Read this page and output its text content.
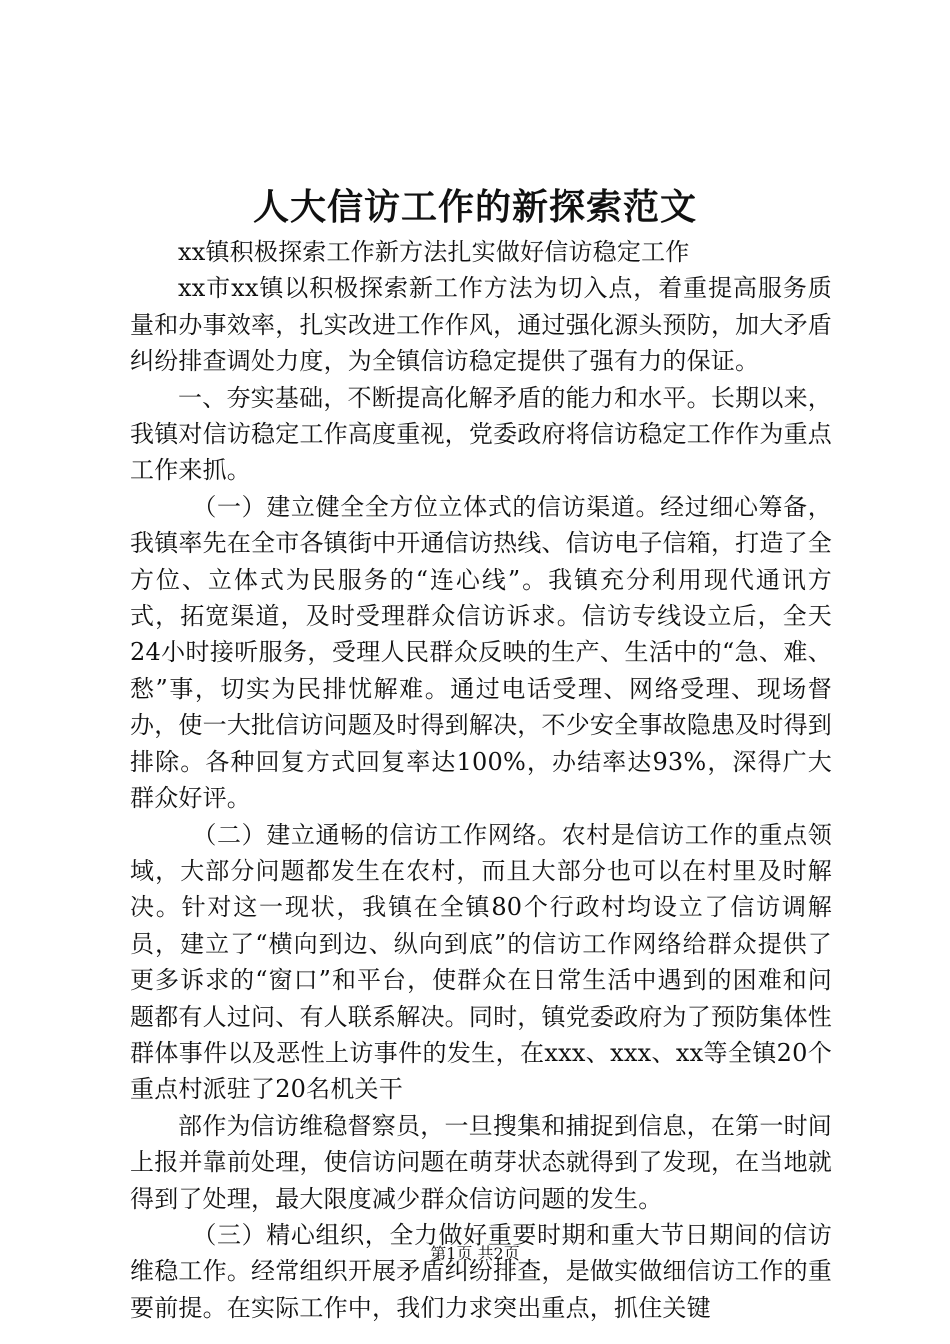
人大信访工作的新探索范文

xx镇积极探索工作新方法扎实做好信访稳定工作

xx市xx镇以积极探索新工作方法为切入点，着重提高服务质量和办事效率，扎实改进工作作风，通过强化源头预防，加大矛盾纠纷排查调处力度，为全镇信访稳定提供了强有力的保证。

一、夯实基础，不断提高化解矛盾的能力和水平。长期以来，我镇对信访稳定工作高度重视，党委政府将信访稳定工作作为重点工作来抓。

（一）建立健全全方位立体式的信访渠道。经过细心筹备，我镇率先在全市各镇街中开通信访热线、信访电子信箱，打造了全方位、立体式为民服务的“连心线”。我镇充分利用现代通讯方式，拓宽渠道，及时受理群众信访诉求。信访专线设立后，全天24小时接听服务，受理人民群众反映的生产、生活中的“急、难、愁”事，切实为民排忧解难。通过电话受理、网络受理、现场督办，使一大批信访问题及时得到解决，不少安全事故隐患及时得到排除。各种回复方式回复率达100%，办结率达93%，深得广大群众好评。

（二）建立通畅的信访工作网络。农村是信访工作的重点领域，大部分问题都发生在农村，而且大部分也可以在村里及时解决。针对这一现状，我镇在全镇80个行政村均设立了信访调解员，建立了“横向到边、纵向到底”的信访工作网络给群众提供了更多诉求的“窗口”和平台，使群众在日常生活中遇到的困难和问题都有人过问、有人联系解决。同时，镇党委政府为了预防集体性群体事件以及恶性上访事件的发生，在xxx、xxx、xx等全镇20个重点村派驻了20名机关干

部作为信访维稳督察员，一旦搜集和捕捉到信息，在第一时间上报并靠前处理，使信访问题在萌芽状态就得到了发现，在当地就得到了处理，最大限度减少群众信访问题的发生。

（三）精心组织，全力做好重要时期和重大节日期间的信访维稳工作。经常组织开展矛盾纠纷排查，是做实做细信访工作的重要前提。在实际工作中，我们力求突出重点，抓住关键

第1页 共2页
